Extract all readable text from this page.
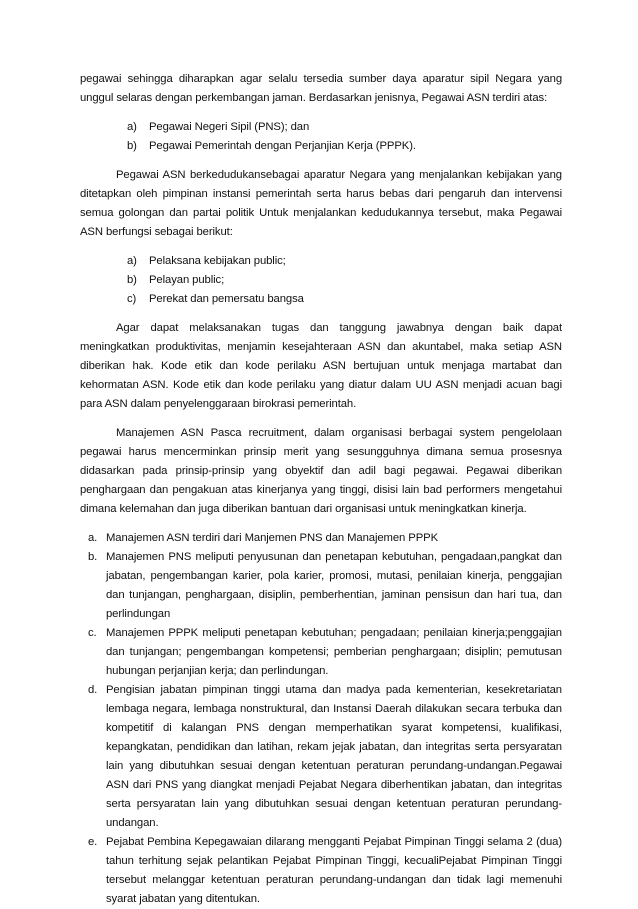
pegawai sehingga diharapkan agar selalu tersedia sumber daya aparatur sipil Negara yang unggul selaras dengan perkembangan jaman. Berdasarkan jenisnya, Pegawai ASN terdiri atas:

a) Pegawai Negeri Sipil (PNS); dan
b) Pegawai Pemerintah dengan Perjanjian Kerja (PPPK).

Pegawai ASN berkedudukansebagai aparatur Negara yang menjalankan kebijakan yang ditetapkan oleh pimpinan instansi pemerintah serta harus bebas dari pengaruh dan intervensi semua golongan dan partai politik Untuk menjalankan kedudukannya tersebut, maka Pegawai ASN berfungsi sebagai berikut:

a) Pelaksana kebijakan public;
b) Pelayan public;
c) Perekat dan pemersatu bangsa

Agar dapat melaksanakan tugas dan tanggung jawabnya dengan baik dapat meningkatkan produktivitas, menjamin kesejahteraan ASN dan akuntabel, maka setiap ASN diberikan hak. Kode etik dan kode perilaku ASN bertujuan untuk menjaga martabat dan kehormatan ASN. Kode etik dan kode perilaku yang diatur dalam UU ASN menjadi acuan bagi para ASN dalam penyelenggaraan birokrasi pemerintah.

Manajemen ASN Pasca recruitment, dalam organisasi berbagai system pengelolaan pegawai harus mencerminkan prinsip merit yang sesungguhnya dimana semua prosesnya didasarkan pada prinsip-prinsip yang obyektif dan adil bagi pegawai. Pegawai diberikan penghargaan dan pengakuan atas kinerjanya yang tinggi, disisi lain bad performers mengetahui dimana kelemahan dan juga diberikan bantuan dari organisasi untuk meningkatkan kinerja.

a. Manajemen ASN terdiri dari Manjemen PNS dan Manajemen PPPK
b. Manajemen PNS meliputi penyusunan dan penetapan kebutuhan, pengadaan,pangkat dan jabatan, pengembangan karier, pola karier, promosi, mutasi, penilaian kinerja, penggajian dan tunjangan, penghargaan, disiplin, pemberhentian, jaminan pensisun dan hari tua, dan perlindungan
c. Manajemen PPPK meliputi penetapan kebutuhan; pengadaan; penilaian kinerja;penggajian dan tunjangan; pengembangan kompetensi; pemberian penghargaan; disiplin; pemutusan hubungan perjanjian kerja; dan perlindungan.
d. Pengisian jabatan pimpinan tinggi utama dan madya pada kementerian, kesekretariatan lembaga negara, lembaga nonstruktural, dan Instansi Daerah dilakukan secara terbuka dan kompetitif di kalangan PNS dengan memperhatikan syarat kompetensi, kualifikasi, kepangkatan, pendidikan dan latihan, rekam jejak jabatan, dan integritas serta persyaratan lain yang dibutuhkan sesuai dengan ketentuan peraturan perundang-undangan.Pegawai ASN dari PNS yang diangkat menjadi Pejabat Negara diberhentikan jabatan, dan integritas serta persyaratan lain yang dibutuhkan sesuai dengan ketentuan peraturan perundang-undangan.
e. Pejabat Pembina Kepegawaian dilarang mengganti Pejabat Pimpinan Tinggi selama 2 (dua) tahun terhitung sejak pelantikan Pejabat Pimpinan Tinggi, kecualiPejabat Pimpinan Tinggi tersebut melanggar ketentuan peraturan perundang-undangan dan tidak lagi memenuhi syarat jabatan yang ditentukan.
